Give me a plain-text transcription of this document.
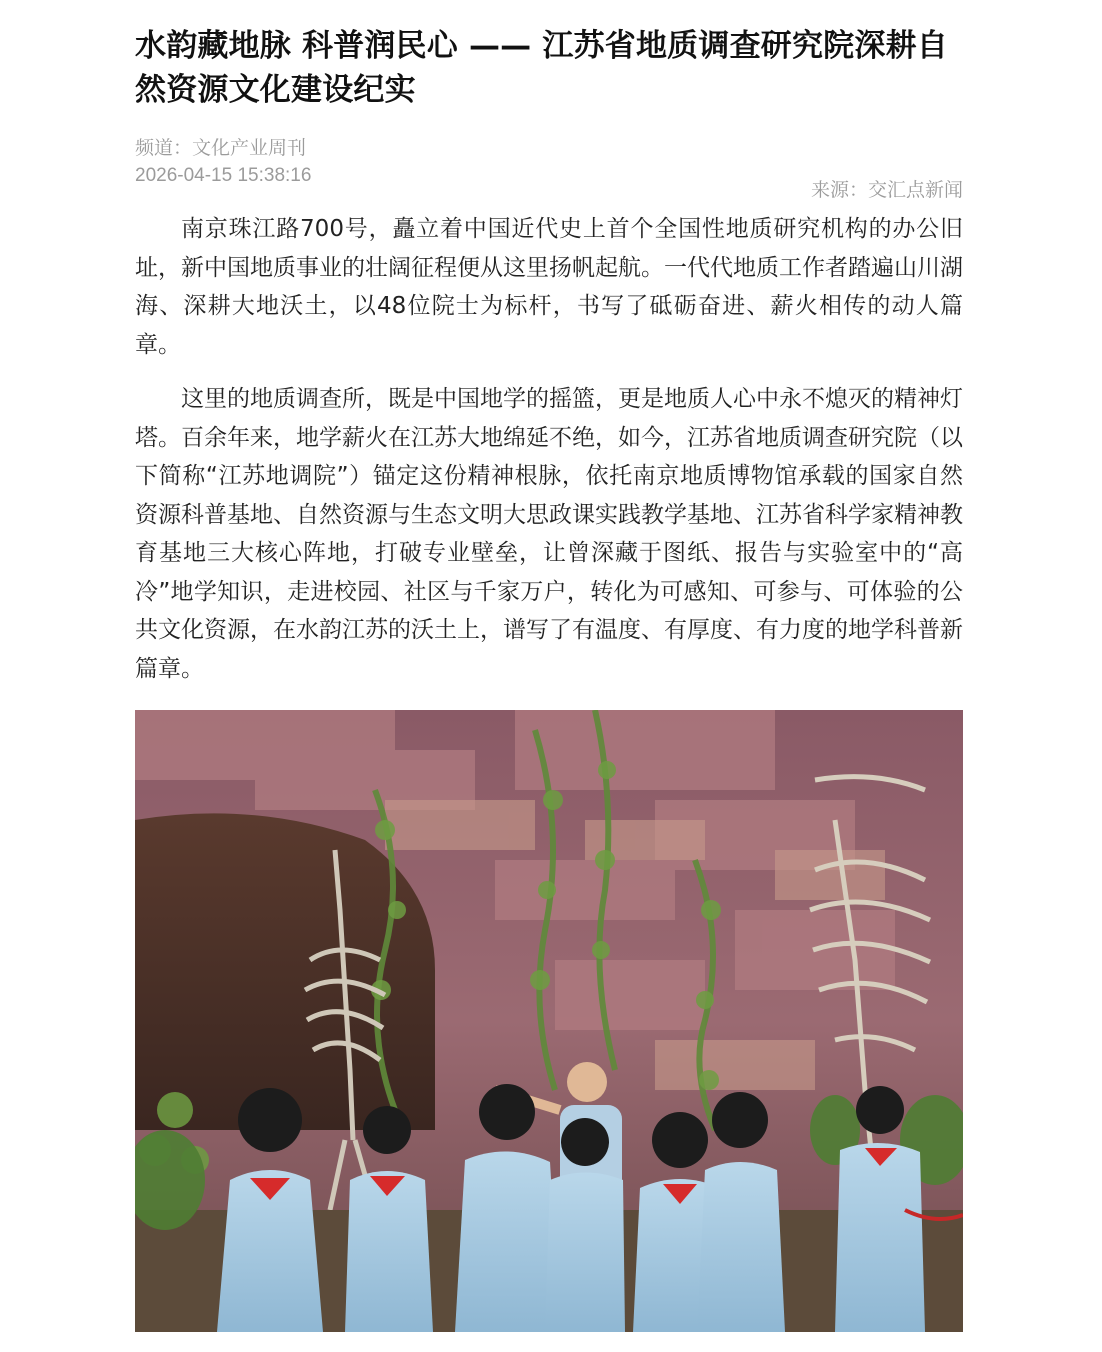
水韵藏地脉 科普润民心 —— 江苏省地质调查研究院深耕自然资源文化建设纪实
频道：文化产业周刊
2026-04-15 15:38:16
来源：交汇点新闻

南京珠江路700号，矗立着中国近代史上首个全国性地质研究机构的办公旧址，新中国地质事业的壮阔征程便从这里扬帆起航。一代代地质工作者踏遍山川湖海、深耕大地沃土，以48位院士为标杆，书写了砥砺奋进、薪火相传的动人篇章。

这里的地质调查所，既是中国地学的摇篮，更是地质人心中永不熄灭的精神灯塔。百余年来，地学薪火在江苏大地绵延不绝，如今，江苏省地质调查研究院（以下简称“江苏地调院”）锚定这份精神根脉，依托南京地质博物馆承载的国家自然资源科普基地、自然资源与生态文明大思政课实践教学基地、江苏省科学家精神教育基地三大核心阵地，打破专业壁垒，让曾深藏于图纸、报告与实验室中的“高冷”地学知识，走进校园、社区与千家万户，转化为可感知、可参与、可体验的公共文化资源，在水韵江苏的沃土上，谱写了有温度、有厚度、有力度的地学科普新篇章。
